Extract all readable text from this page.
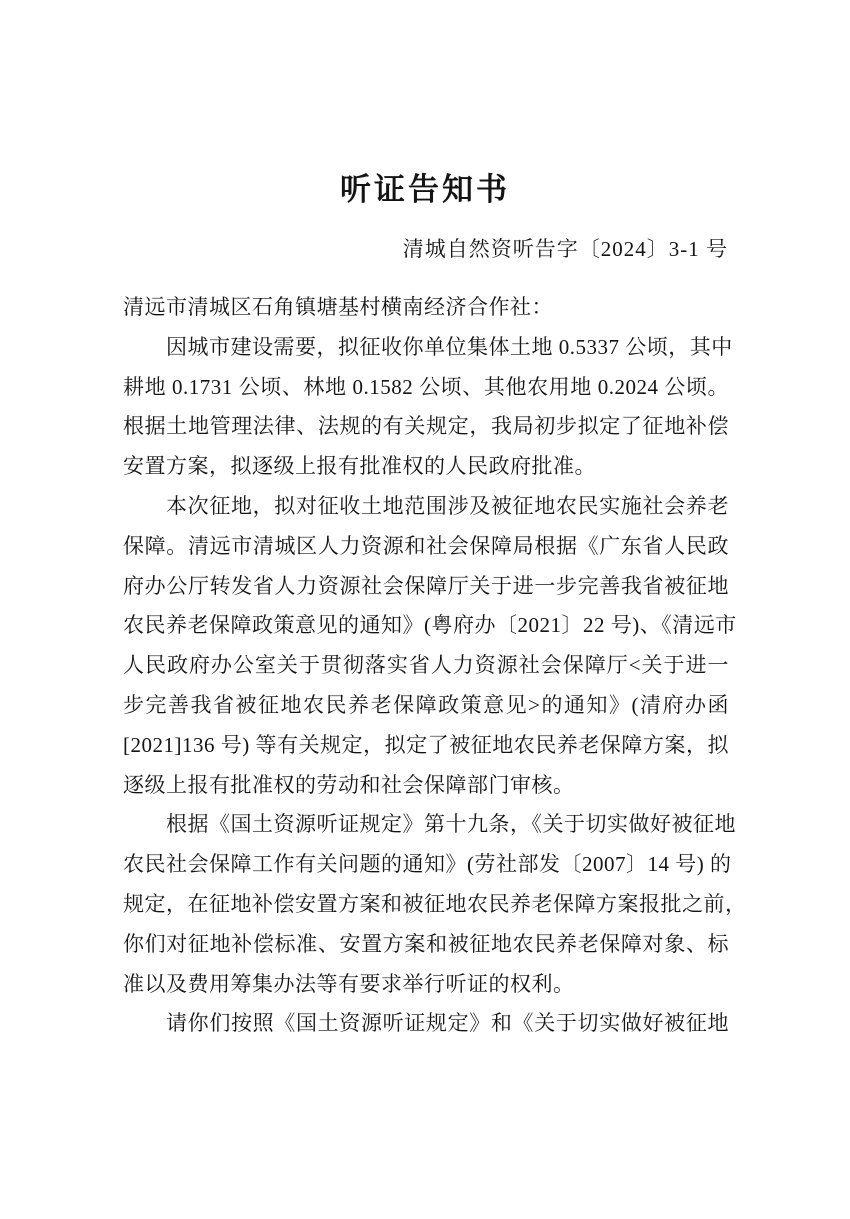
听证告知书
清城自然资听告字〔2024〕3-1 号
清远市清城区石角镇塘基村横南经济合作社：
因城市建设需要，拟征收你单位集体土地 0.5337 公顷，其中
耕地 0.1731 公顷、林地 0.1582 公顷、其他农用地 0.2024 公顷。
根据土地管理法律、法规的有关规定，我局初步拟定了征地补偿
安置方案，拟逐级上报有批准权的人民政府批准。
本次征地，拟对征收土地范围涉及被征地农民实施社会养老
保障。清远市清城区人力资源和社会保障局根据《广东省人民政
府办公厅转发省人力资源社会保障厅关于进一步完善我省被征地
农民养老保障政策意见的通知》(粤府办〔2021〕22 号)、《清远市
人民政府办公室关于贯彻落实省人力资源社会保障厅<关于进一
步完善我省被征地农民养老保障政策意见>的通知》(清府办函
[2021]136 号) 等有关规定，拟定了被征地农民养老保障方案，拟
逐级上报有批准权的劳动和社会保障部门审核。
根据《国土资源听证规定》第十九条，《关于切实做好被征地
农民社会保障工作有关问题的通知》(劳社部发〔2007〕14 号) 的
规定，在征地补偿安置方案和被征地农民养老保障方案报批之前，
你们对征地补偿标准、安置方案和被征地农民养老保障对象、标
准以及费用筹集办法等有要求举行听证的权利。
请你们按照《国土资源听证规定》和《关于切实做好被征地
